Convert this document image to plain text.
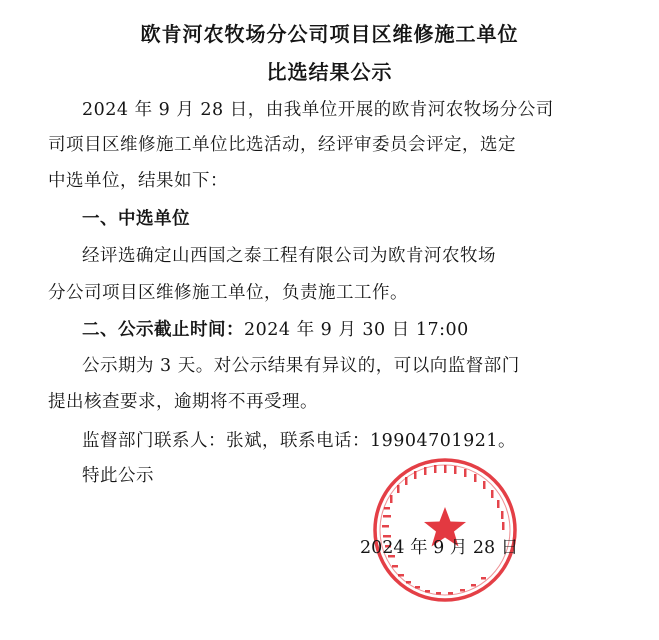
欧肯河农牧场分公司项目区维修施工单位
比选结果公示
2024 年 9 月 28 日，由我单位开展的欧肯河农牧场分公司
司项目区维修施工单位比选活动，经评审委员会评定，选定
中选单位，结果如下：
一、中选单位
经评选确定山西国之泰工程有限公司为欧肯河农牧场
分公司项目区维修施工单位，负责施工工作。
二、公示截止时间：2024 年 9 月 30 日 17:00
公示期为 3 天。对公示结果有异议的，可以向监督部门
提出核查要求，逾期将不再受理。
监督部门联系人：张斌，联系电话：19904701921。
特此公示
2024 年 9 月 28 日
